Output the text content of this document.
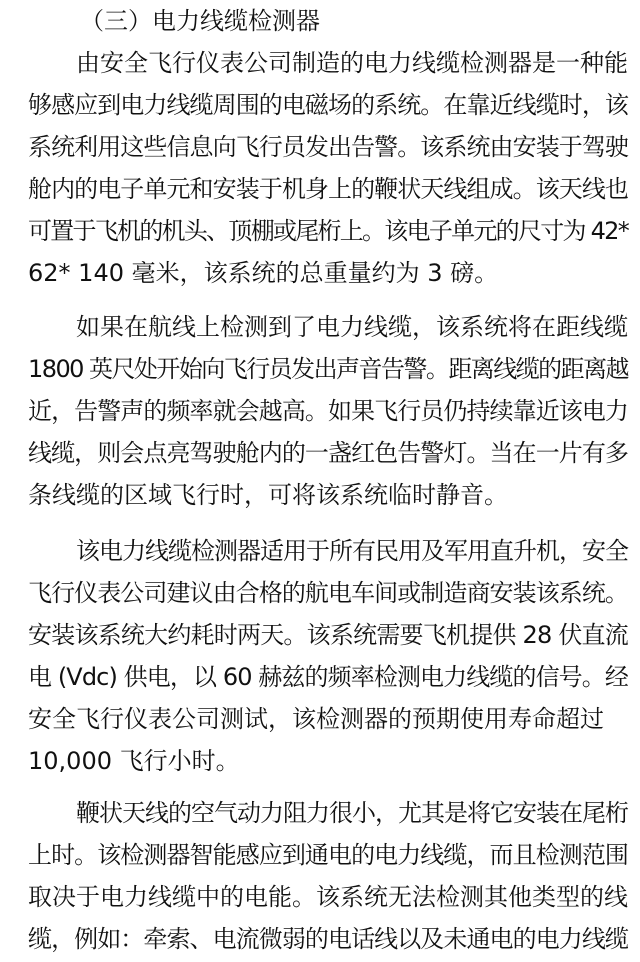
（三）电力线缆检测器
由安全飞行仪表公司制造的电力线缆检测器是一种能
够感应到电力线缆周围的电磁场的系统。在靠近线缆时，该
系统利用这些信息向飞行员发出告警。该系统由安装于驾驶
舱内的电子单元和安装于机身上的鞭状天线组成。该天线也
可置于飞机的机头、顶棚或尾桁上。该电子单元的尺寸为 42*
62* 140 毫米，该系统的总重量约为 3 磅。
如果在航线上检测到了电力线缆，该系统将在距线缆
1800 英尺处开始向飞行员发出声音告警。距离线缆的距离越
近，告警声的频率就会越高。如果飞行员仍持续靠近该电力
线缆，则会点亮驾驶舱内的一盏红色告警灯。当在一片有多
条线缆的区域飞行时，可将该系统临时静音。
该电力线缆检测器适用于所有民用及军用直升机，安全
飞行仪表公司建议由合格的航电车间或制造商安装该系统。
安装该系统大约耗时两天。该系统需要飞机提供 28 伏直流
电 (Vdc) 供电，以 60 赫兹的频率检测电力线缆的信号。经
安全飞行仪表公司测试，该检测器的预期使用寿命超过
10,000 飞行小时。
鞭状天线的空气动力阻力很小，尤其是将它安装在尾桁
上时。该检测器智能感应到通电的电力线缆，而且检测范围
取决于电力线缆中的电能。该系统无法检测其他类型的线
缆，例如：牵索、电流微弱的电话线以及未通电的电力线缆
